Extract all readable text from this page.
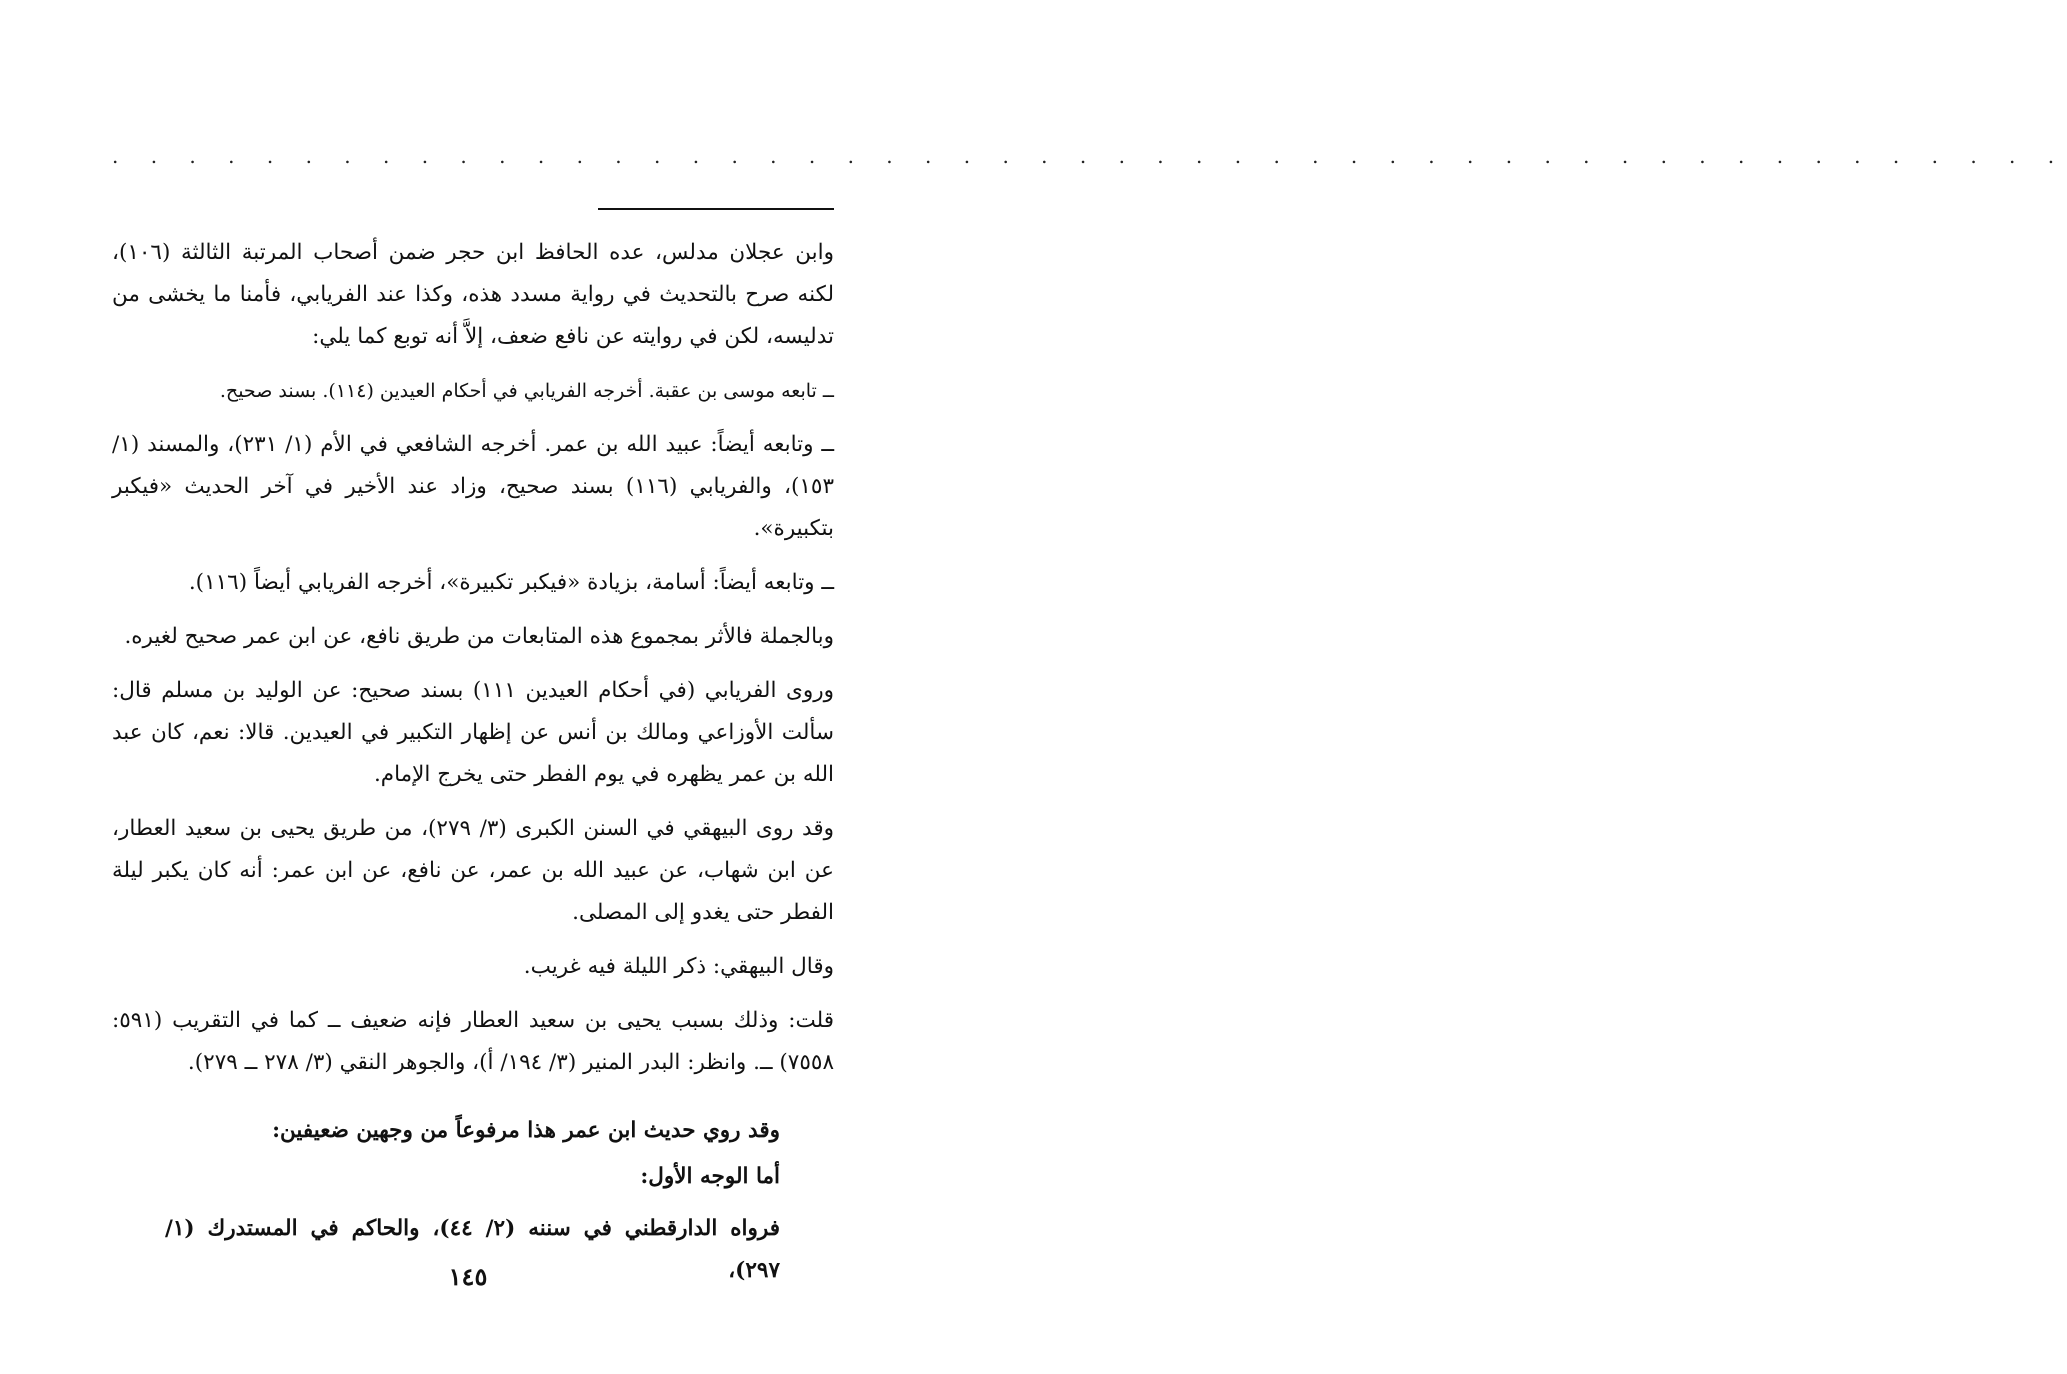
. . . . . . . . . . . . . . . . . . . . . . . . . . . . . . . . . . . . . . . . . . . . . . . . . . .

وابن عجلان مدلس، عده الحافظ ابن حجر ضمن أصحاب المرتبة الثالثة (١٠٦)، لكنه صرح بالتحديث في رواية مسدد هذه، وكذا عند الفريابي، فأمنا ما يخشى من تدليسه، لكن في روايته عن نافع ضعف، إلاَّ أنه توبع كما يلي:

ــ تابعه موسى بن عقبة. أخرجه الفريابي في أحكام العيدين (١١٤). بسند صحيح.

ــ وتابعه أيضاً: عبيد الله بن عمر. أخرجه الشافعي في الأم (١/ ٢٣١)، والمسند (١/ ١٥٣)، والفريابي (١١٦) بسند صحيح، وزاد عند الأخير في آخر الحديث «فيكبر بتكبيرة».

ــ وتابعه أيضاً: أسامة، بزيادة «فيكبر تكبيرة»، أخرجه الفريابي أيضاً (١١٦).

وبالجملة فالأثر بمجموع هذه المتابعات من طريق نافع، عن ابن عمر صحيح لغيره.

وروى الفريابي (في أحكام العيدين ١١١) بسند صحيح: عن الوليد بن مسلم قال: سألت الأوزاعي ومالك بن أنس عن إظهار التكبير في العيدين. قالا: نعم، كان عبد الله بن عمر يظهره في يوم الفطر حتى يخرج الإمام.

وقد روى البيهقي في السنن الكبرى (٣/ ٢٧٩)، من طريق يحيى بن سعيد العطار، عن ابن شهاب، عن عبيد الله بن عمر، عن نافع، عن ابن عمر: أنه كان يكبر ليلة الفطر حتى يغدو إلى المصلى.

وقال البيهقي: ذكر الليلة فيه غريب.

قلت: وذلك بسبب يحيى بن سعيد العطار فإنه ضعيف ــ كما في التقريب (٥٩١: ٧٥٥٨) ــ. وانظر: البدر المنير (٣/ ١٩٤/ أ)، والجوهر النقي (٣/ ٢٧٨ ــ ٢٧٩).

وقد روي حديث ابن عمر هذا مرفوعاً من وجهين ضعيفين:

أما الوجه الأول:

فرواه الدارقطني في سننه (٢/ ٤٤)، والحاكم في المستدرك (١/ ٢٩٧)،

١٤٥
